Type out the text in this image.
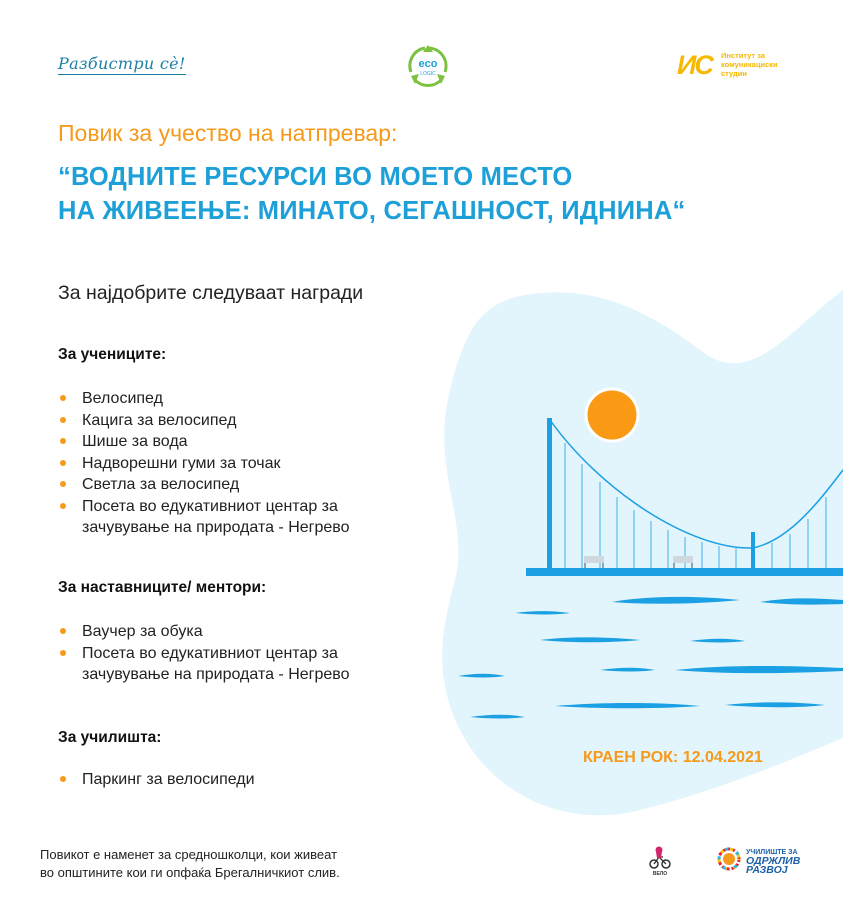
Разбистри сѐ!	eco
LOGIC	ИС Институт за
комуникациски
студии
Повик за учество на натпревар:
“ВОДНИТЕ РЕСУРСИ ВО МОЕТО МЕСТО
НА ЖИВЕЕЊЕ: МИНАТО, СЕГАШНОСТ, ИДНИНА“
За најдобрите следуваат награди
За учениците:
Велосипед
Кацига за велосипед
Шише за вода
Надворешни гуми за точак
Светла за велосипед
Посета во едукативниот центар за
зачувување на природата - Негрево
За наставниците/ ментори:
Ваучер за обука
Посета во едукативниот центар за
зачувување на природата - Негрево
За училишта:
Паркинг за велосипеди
КРАЕН РОК: 12.04.2021
Повикот е наменет за средношколци, кои живеат
во општините кои ги опфаќа Брегалничкиот слив.	ВЕЛО
УЧИЛИШТЕ ЗА
ОДРЖЛИВ
РАЗВОЈ
